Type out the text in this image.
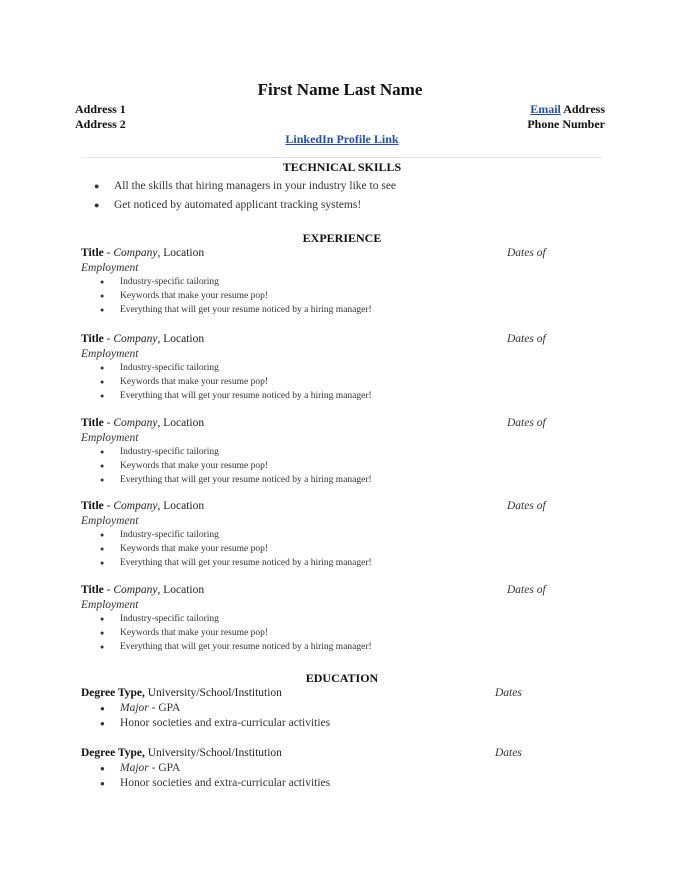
First Name Last Name
Address 1
Address 2
Email Address
Phone Number
LinkedIn Profile Link
TECHNICAL SKILLS
● All the skills that hiring managers in your industry like to see
● Get noticed by automated applicant tracking systems!
EXPERIENCE
Title - Company, Location	Dates of
Employment
● Industry-specific tailoring
● Keywords that make your resume pop!
● Everything that will get your resume noticed by a hiring manager!
Title - Company, Location	Dates of
Employment
● Industry-specific tailoring
● Keywords that make your resume pop!
● Everything that will get your resume noticed by a hiring manager!
Title - Company, Location	Dates of
Employment
● Industry-specific tailoring
● Keywords that make your resume pop!
● Everything that will get your resume noticed by a hiring manager!
Title - Company, Location	Dates of
Employment
● Industry-specific tailoring
● Keywords that make your resume pop!
● Everything that will get your resume noticed by a hiring manager!
Title - Company, Location	Dates of
Employment
● Industry-specific tailoring
● Keywords that make your resume pop!
● Everything that will get your resume noticed by a hiring manager!
EDUCATION
Degree Type, University/School/Institution	Dates
● Major - GPA
● Honor societies and extra-curricular activities
Degree Type, University/School/Institution	Dates
● Major - GPA
● Honor societies and extra-curricular activities
